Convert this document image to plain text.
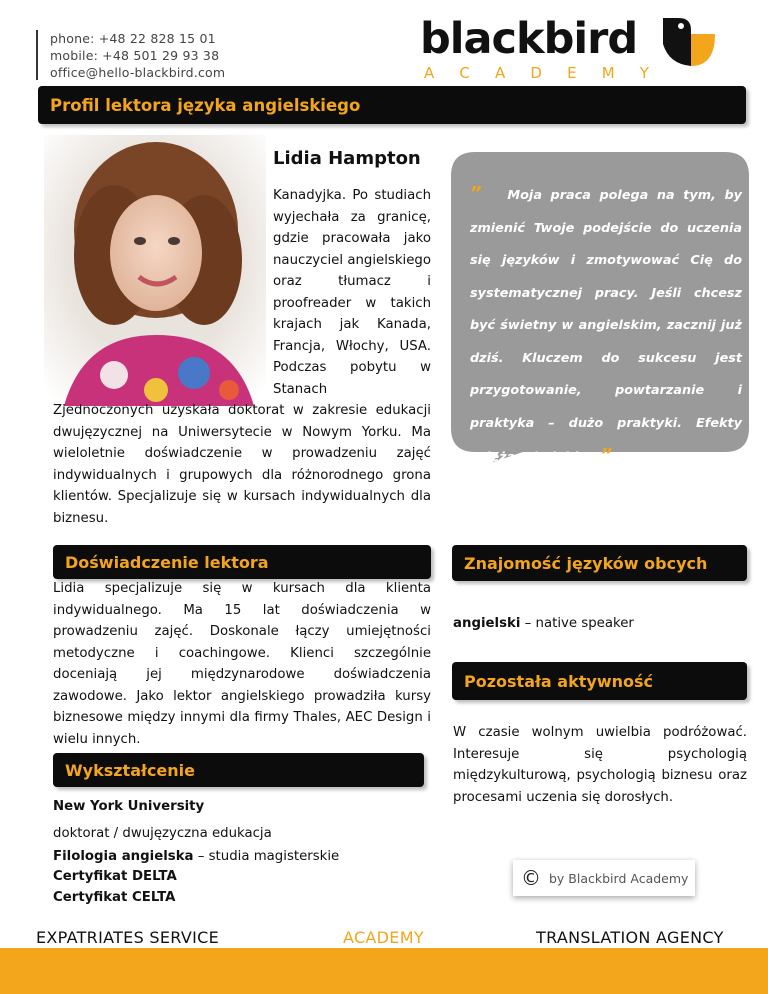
phone: +48 22 828 15 01
mobile: +48 501 29 93 38
office@hello-blackbird.com
blackbird
A C A D E M Y
Profil lektora języka angielskiego
Lidia Hampton
Kanadyjka. Po studiach wyjechała za granicę, gdzie pracowała jako nauczyciel angielskiego oraz tłumacz i proofreader w takich krajach jak Kanada, Francja, Włochy, USA. Podczas pobytu w Stanach
Zjednoczonych uzyskała doktorat w zakresie edukacji dwujęzycznej na Uniwersytecie w Nowym Yorku. Ma wieloletnie doświadczenie w prowadzeniu zajęć indywidualnych i grupowych dla różnorodnego grona klientów. Specjalizuje się w kursach indywidualnych dla biznesu.
” Moja praca polega na tym, by zmienić Twoje podejście do uczenia się języków i zmotywować Cię do systematycznej pracy. Jeśli chcesz być świetny w angielskim, zacznij już dziś. Kluczem do sukcesu jest przygotowanie, powtarzanie i praktyka – dużo praktyki. Efekty zależą od Ciebie. ”
Doświadczenie lektora
Lidia specjalizuje się w kursach dla klienta indywidualnego. Ma 15 lat doświadczenia w prowadzeniu zajęć. Doskonale łączy umiejętności metodyczne i coachingowe. Klienci szczególnie doceniają jej międzynarodowe doświadczenia zawodowe. Jako lektor angielskiego prowadziła kursy biznesowe między innymi dla firmy Thales, AEC Design i wielu innych.
Wykształcenie
New York University
doktorat / dwujęzyczna edukacja
Filologia angielska – studia magisterskie
Certyfikat DELTA
Certyfikat CELTA
Znajomość języków obcych
angielski – native speaker
Pozostała aktywność
W czasie wolnym uwielbia podróżować. Interesuje się psychologią międzykulturową, psychologią biznesu oraz procesami uczenia się dorosłych.
© by Blackbird Academy
EXPATRIATES SERVICE	ACADEMY	TRANSLATION AGENCY
